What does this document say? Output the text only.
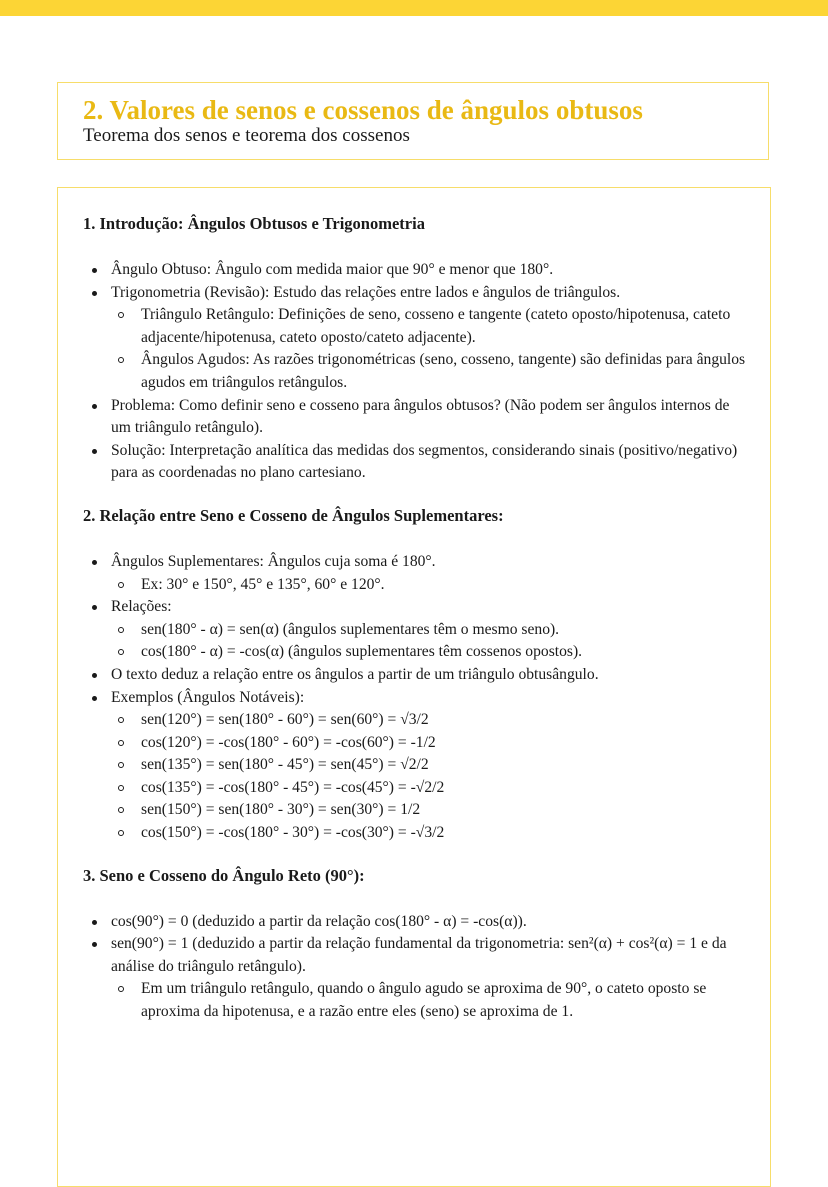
2. Valores de senos e cossenos de ângulos obtusos

Teorema dos senos e teorema dos cossenos

1. Introdução: Ângulos Obtusos e Trigonometria
Ângulo Obtuso: Ângulo com medida maior que 90° e menor que 180°.
Trigonometria (Revisão): Estudo das relações entre lados e ângulos de triângulos.
Triângulo Retângulo: Definições de seno, cosseno e tangente (cateto oposto/hipotenusa, cateto adjacente/hipotenusa, cateto oposto/cateto adjacente).
Ângulos Agudos: As razões trigonométricas (seno, cosseno, tangente) são definidas para ângulos agudos em triângulos retângulos.
Problema: Como definir seno e cosseno para ângulos obtusos? (Não podem ser ângulos internos de um triângulo retângulo).
Solução: Interpretação analítica das medidas dos segmentos, considerando sinais (positivo/negativo) para as coordenadas no plano cartesiano.
2. Relação entre Seno e Cosseno de Ângulos Suplementares:
Ângulos Suplementares: Ângulos cuja soma é 180°.
Ex: 30° e 150°, 45° e 135°, 60° e 120°.
Relações:
sen(180° - α) = sen(α) (ângulos suplementares têm o mesmo seno).
cos(180° - α) = -cos(α) (ângulos suplementares têm cossenos opostos).
O texto deduz a relação entre os ângulos a partir de um triângulo obtusângulo.
Exemplos (Ângulos Notáveis):
sen(120°) = sen(180° - 60°) = sen(60°) = √3/2
cos(120°) = -cos(180° - 60°) = -cos(60°) = -1/2
sen(135°) = sen(180° - 45°) = sen(45°) = √2/2
cos(135°) = -cos(180° - 45°) = -cos(45°) = -√2/2
sen(150°) = sen(180° - 30°) = sen(30°) = 1/2
cos(150°) = -cos(180° - 30°) = -cos(30°) = -√3/2
3. Seno e Cosseno do Ângulo Reto (90°):
cos(90°) = 0 (deduzido a partir da relação cos(180° - α) = -cos(α)).
sen(90°) = 1 (deduzido a partir da relação fundamental da trigonometria: sen²(α) + cos²(α) = 1 e da análise do triângulo retângulo).
Em um triângulo retângulo, quando o ângulo agudo se aproxima de 90°, o cateto oposto se aproxima da hipotenusa, e a razão entre eles (seno) se aproxima de 1.
